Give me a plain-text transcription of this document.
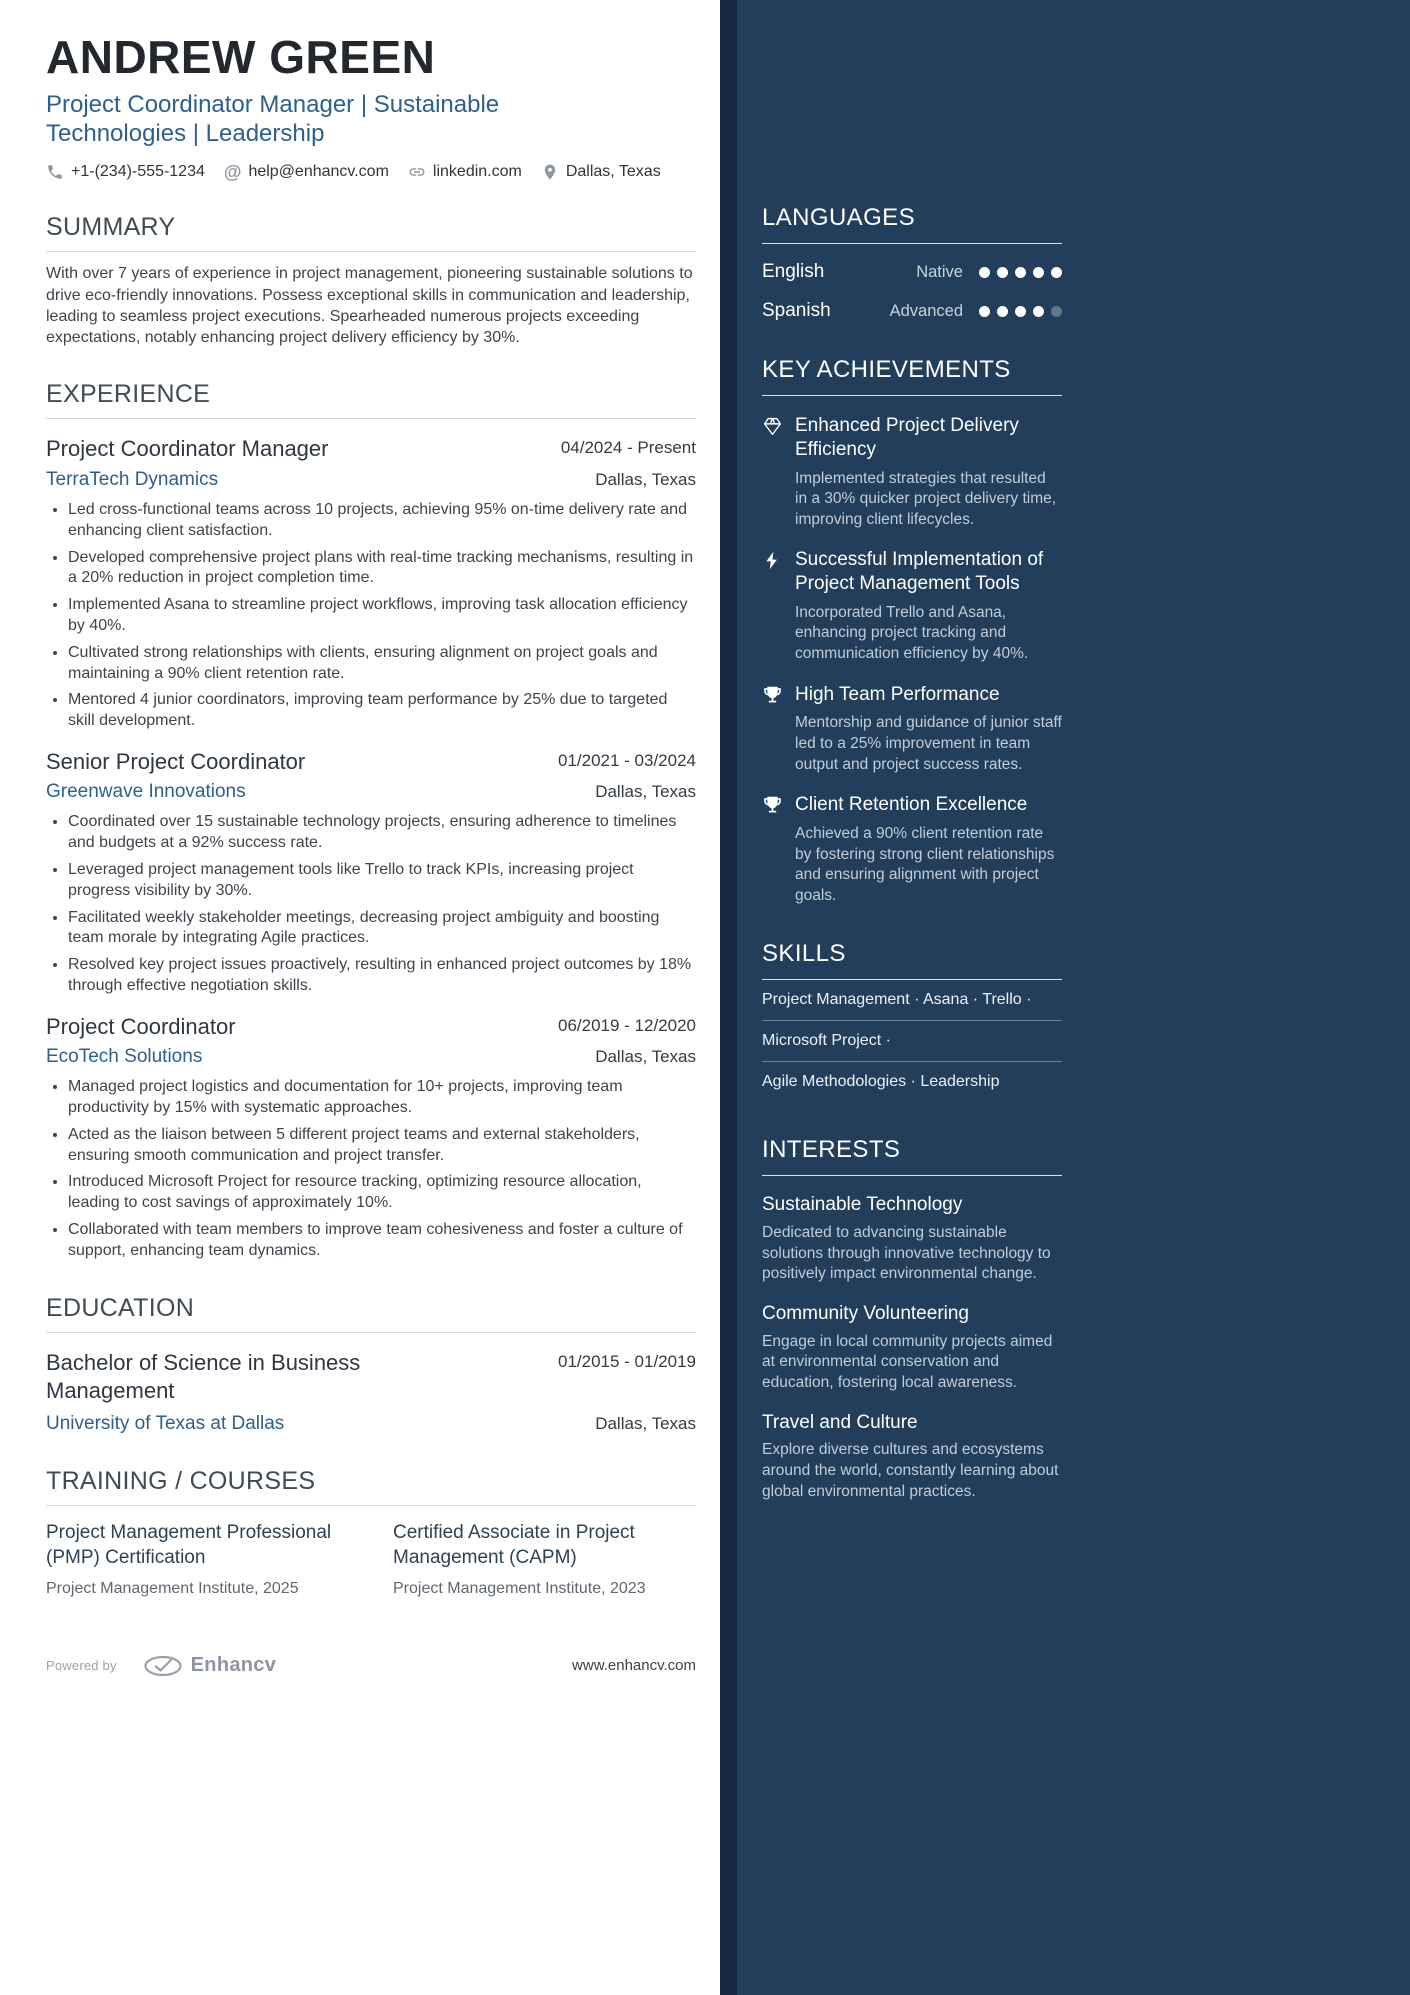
ANDREW GREEN
Project Coordinator Manager | Sustainable Technologies | Leadership
+1-(234)-555-1234 @ help@enhancv.com	linkedin.com	Dallas, Texas
SUMMARY

With over 7 years of experience in project management, pioneering sustainable solutions to drive eco-friendly innovations. Possess exceptional skills in communication and leadership, leading to seamless project executions. Spearheaded numerous projects exceeding expectations, notably enhancing project delivery efficiency by 30%.

EXPERIENCE
Project Coordinator Manager	04/2024 - Present
TerraTech Dynamics	Dallas, Texas
• Led cross-functional teams across 10 projects, achieving 95% on-time delivery rate and enhancing client satisfaction.
• Developed comprehensive project plans with real-time tracking mechanisms, resulting in a 20% reduction in project completion time.
• Implemented Asana to streamline project workflows, improving task allocation efficiency by 40%.
• Cultivated strong relationships with clients, ensuring alignment on project goals and maintaining a 90% client retention rate.
• Mentored 4 junior coordinators, improving team performance by 25% due to targeted skill development.
Senior Project Coordinator	01/2021 - 03/2024
Greenwave Innovations	Dallas, Texas
• Coordinated over 15 sustainable technology projects, ensuring adherence to timelines and budgets at a 92% success rate.
• Leveraged project management tools like Trello to track KPIs, increasing project progress visibility by 30%.
• Facilitated weekly stakeholder meetings, decreasing project ambiguity and boosting team morale by integrating Agile practices.
• Resolved key project issues proactively, resulting in enhanced project outcomes by 18% through effective negotiation skills.
Project Coordinator	06/2019 - 12/2020
EcoTech Solutions	Dallas, Texas
• Managed project logistics and documentation for 10+ projects, improving team productivity by 15% with systematic approaches.
• Acted as the liaison between 5 different project teams and external stakeholders, ensuring smooth communication and project transfer.
• Introduced Microsoft Project for resource tracking, optimizing resource allocation, leading to cost savings of approximately 10%.
• Collaborated with team members to improve team cohesiveness and foster a culture of support, enhancing team dynamics.
EDUCATION
Bachelor of Science in Business Management
01/2015 - 01/2019
University of Texas at Dallas	Dallas, Texas
TRAINING / COURSES
Project Management Professional (PMP) Certification
Project Management Institute, 2025
Certified Associate in Project Management (CAPM)
Project Management Institute, 2023
Powered by	Enhancv	www.enhancv.com
LANGUAGES
English	Native
Spanish	Advanced
KEY ACHIEVEMENTS
Enhanced Project Delivery Efficiency
Implemented strategies that resulted in a 30% quicker project delivery time, improving client lifecycles.
Successful Implementation of Project Management Tools
Incorporated Trello and Asana, enhancing project tracking and communication efficiency by 40%.
High Team Performance
Mentorship and guidance of junior staff led to a 25% improvement in team output and project success rates.
Client Retention Excellence
Achieved a 90% client retention rate by fostering strong client relationships and ensuring alignment with project goals.
SKILLS
Project Management · Asana · Trello ·
Microsoft Project ·
Agile Methodologies · Leadership
INTERESTS
Sustainable Technology
Dedicated to advancing sustainable solutions through innovative technology to positively impact environmental change.
Community Volunteering
Engage in local community projects aimed at environmental conservation and education, fostering local awareness.
Travel and Culture
Explore diverse cultures and ecosystems around the world, constantly learning about global environmental practices.
